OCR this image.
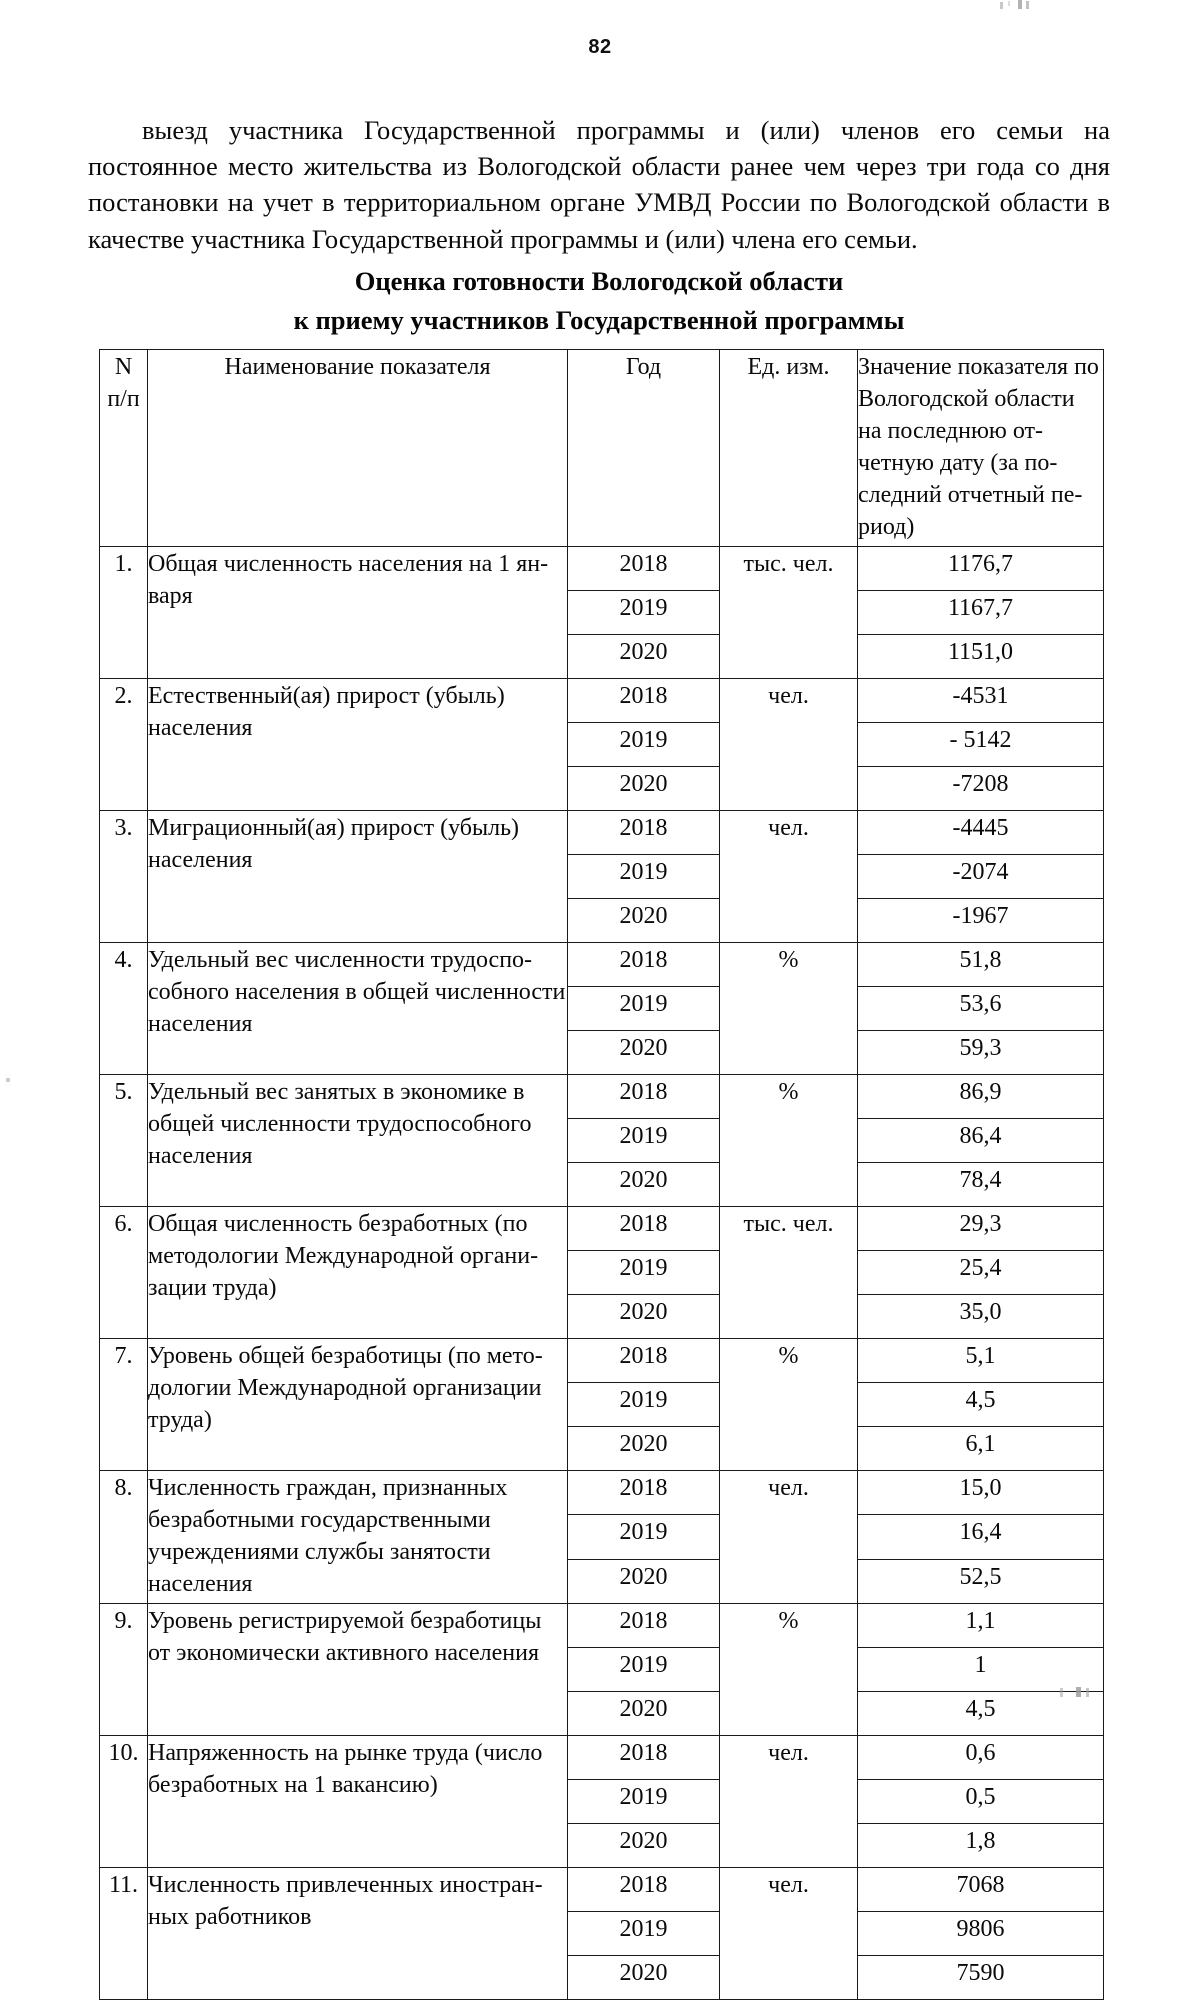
82
выезд участника Государственной программы и (или) членов его семьи на постоянное место жительства из Вологодской области ранее чем через три года со дня постановки на учет в территориальном органе УМВД России по Вологодской области в качестве участника Государственной программы и (или) члена его семьи.
Оценка готовности Вологодской области
к приему участников Государственной программы
N
п/п	Наименование показателя	Год	Ед. изм.	Значение показателя по Вологодской области на последнюю отчетную дату (за последний отчетный период)
1.	Общая численность населения на 1 января	2018	тыс. чел.	1176,7
		2019		1167,7
		2020		1151,0
2.	Естественный(ая) прирост (убыль) населения	2018	чел.	-4531
		2019		- 5142
		2020		-7208
3.	Миграционный(ая) прирост (убыль) населения	2018	чел.	-4445
		2019		-2074
		2020		-1967
4.	Удельный вес численности трудоспособного населения в общей численности населения	2018	%	51,8
		2019		53,6
		2020		59,3
5.	Удельный вес занятых в экономике в общей численности трудоспособного населения	2018	%	86,9
		2019		86,4
		2020		78,4
6.	Общая численность безработных (по методологии Международной организации труда)	2018	тыс. чел.	29,3
		2019		25,4
		2020		35,0
7.	Уровень общей безработицы (по методологии Международной организации труда)	2018	%	5,1
		2019		4,5
		2020		6,1
8.	Численность граждан, признанных безработными государственными учреждениями службы занятости населения	2018	чел.	15,0
		2019		16,4
		2020		52,5
9.	Уровень регистрируемой безработицы от экономически активного населения	2018	%	1,1
		2019		1
		2020		4,5
10.	Напряженность на рынке труда (число безработных на 1 вакансию)	2018	чел.	0,6
		2019		0,5
		2020		1,8
11.	Численность привлеченных иностранных работников	2018	чел.	7068
		2019		9806
		2020		7590
